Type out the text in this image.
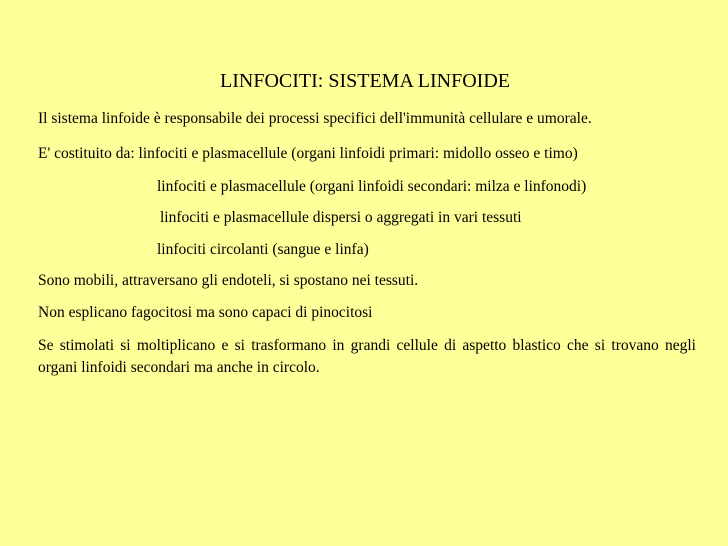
LINFOCITI: SISTEMA LINFOIDE
Il sistema linfoide è responsabile dei processi specifici dell'immunità cellulare e umorale.
E' costituito da: linfociti e plasmacellule (organi linfoidi primari: midollo osseo e timo)
linfociti e plasmacellule (organi linfoidi secondari: milza e linfonodi)
linfociti e plasmacellule dispersi o aggregati in vari tessuti
linfociti circolanti (sangue e linfa)
Sono mobili, attraversano gli endoteli, si spostano nei tessuti.
Non esplicano fagocitosi ma sono capaci di pinocitosi
Se stimolati si moltiplicano e si trasformano in grandi cellule di aspetto blastico che si trovano negli organi linfoidi secondari ma anche in circolo.
